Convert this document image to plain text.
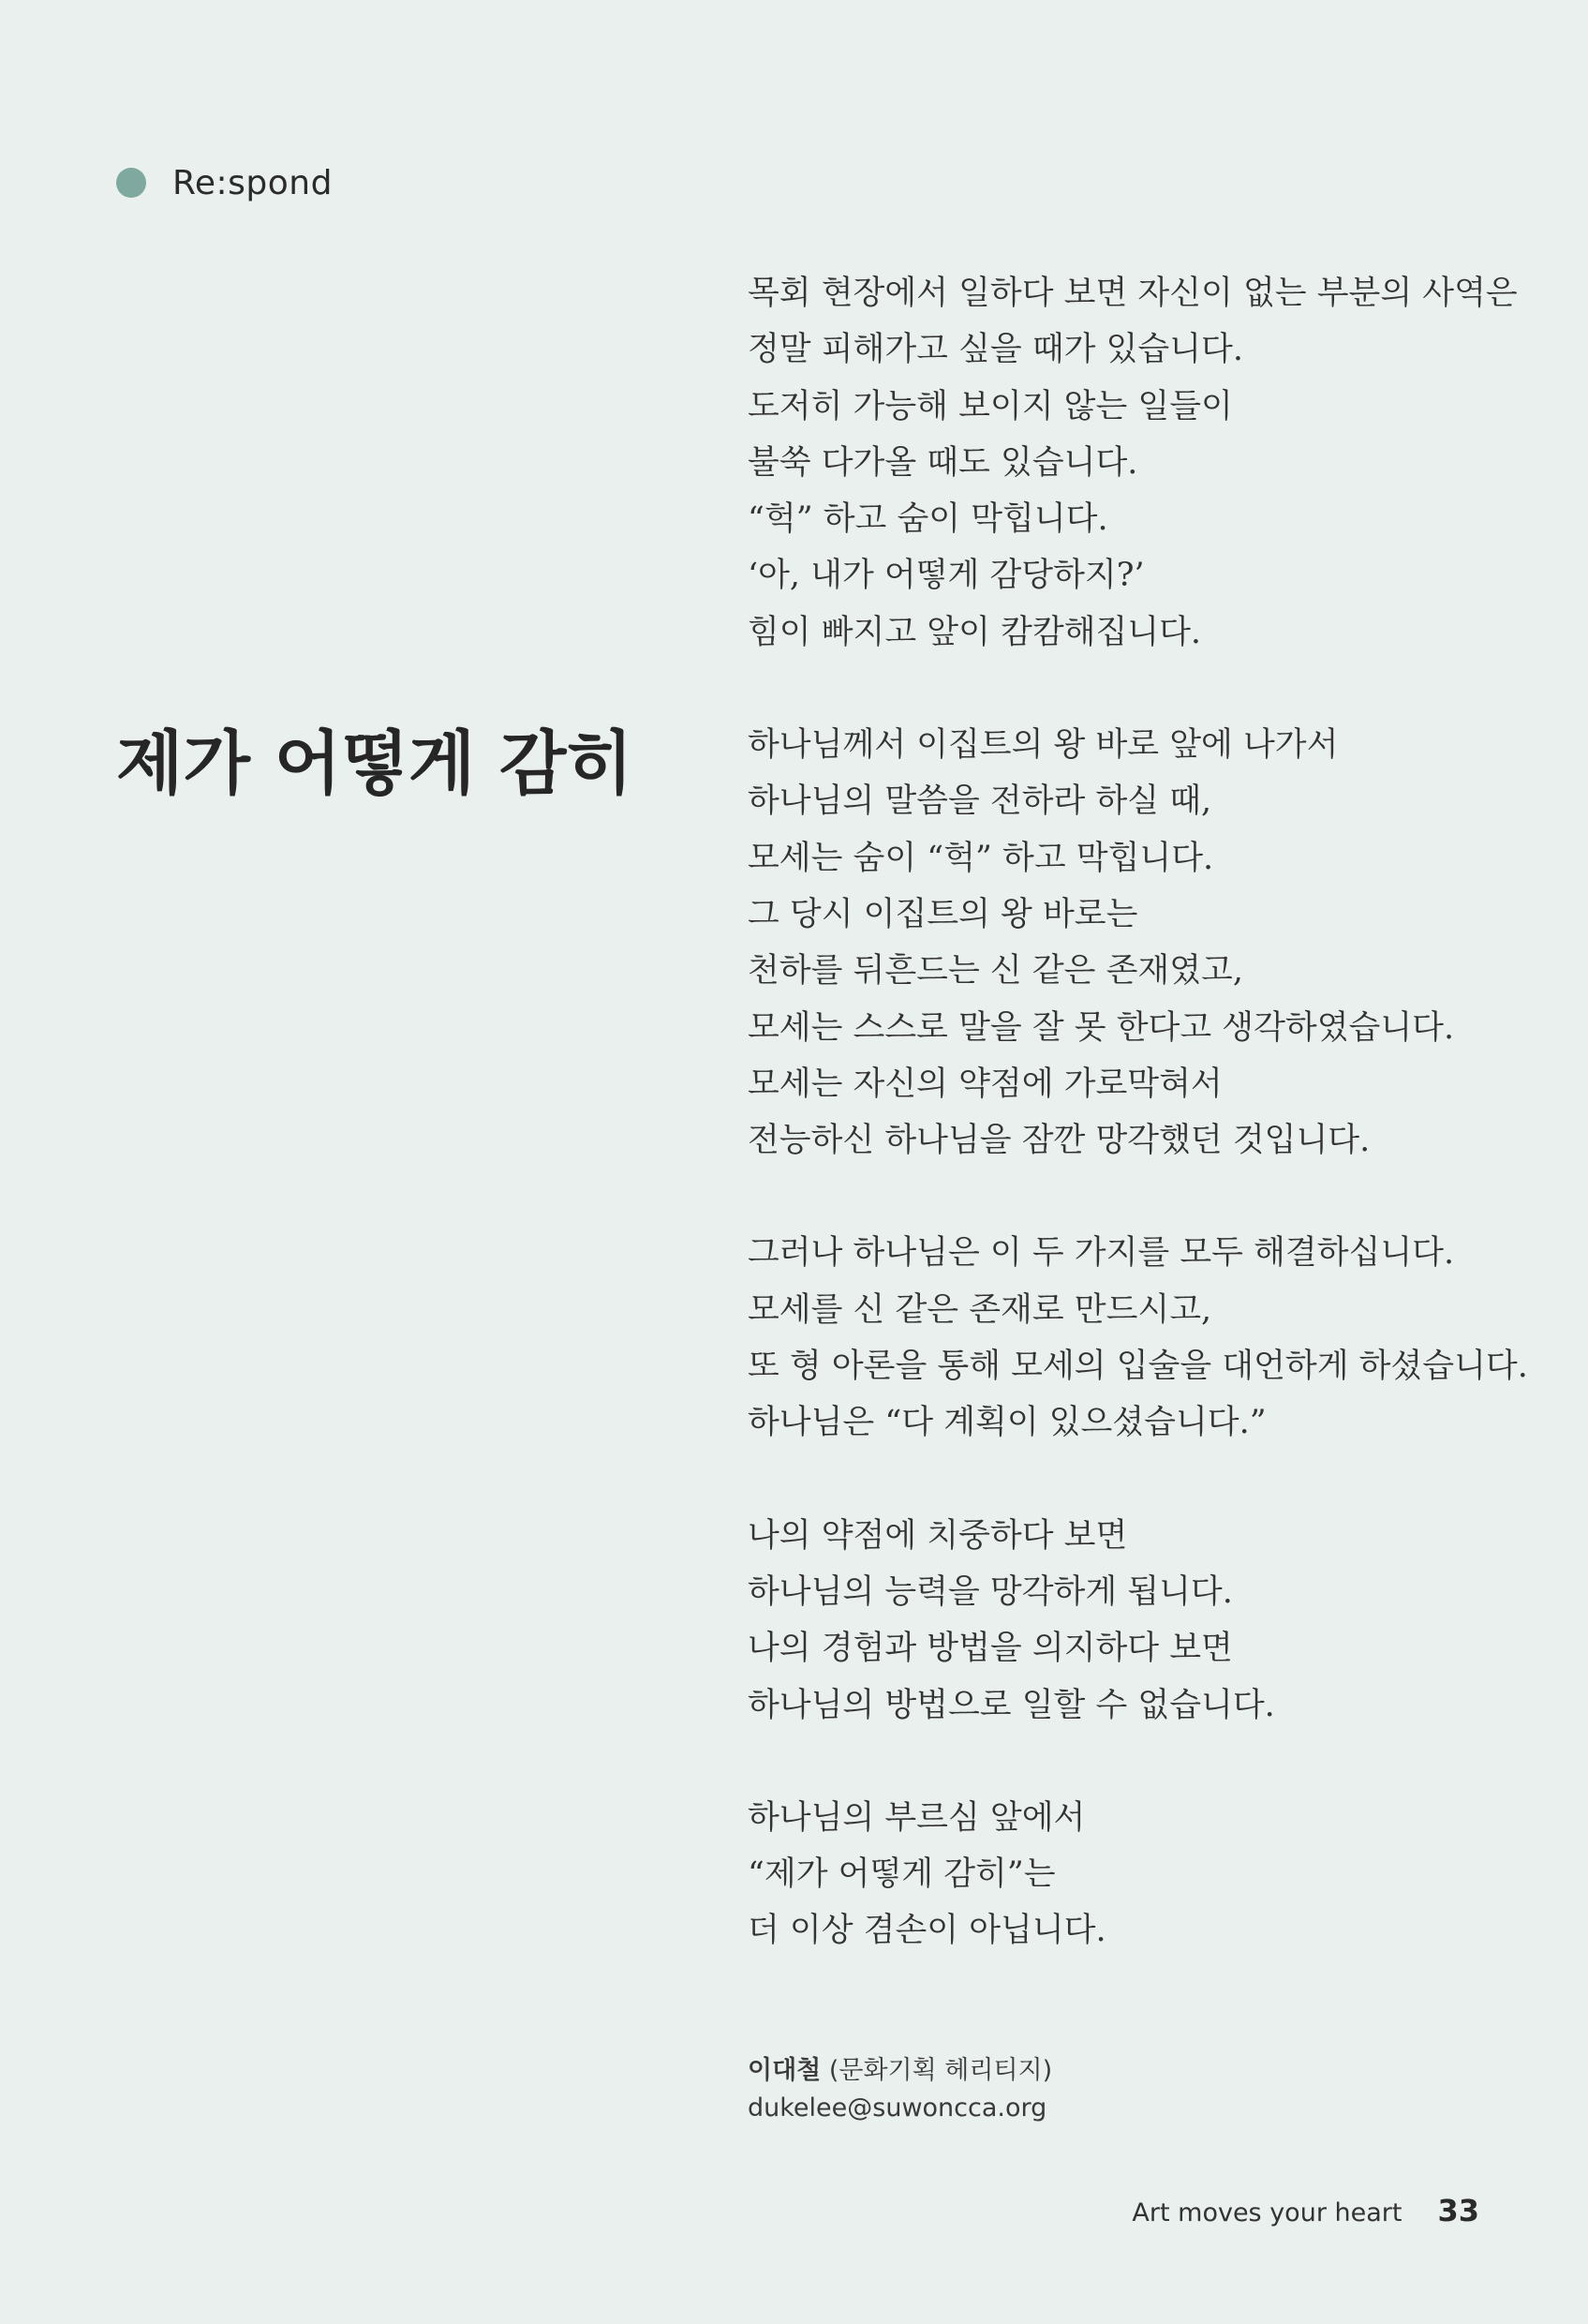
Re:spond
제가 어떻게 감히

목회 현장에서 일하다 보면 자신이 없는 부분의 사역은
정말 피해가고 싶을 때가 있습니다.
도저히 가능해 보이지 않는 일들이
불쑥 다가올 때도 있습니다.
“헉” 하고 숨이 막힙니다.
‘아, 내가 어떻게 감당하지?’
힘이 빠지고 앞이 캄캄해집니다.

하나님께서 이집트의 왕 바로 앞에 나가서
하나님의 말씀을 전하라 하실 때,
모세는 숨이 “헉” 하고 막힙니다.
그 당시 이집트의 왕 바로는
천하를 뒤흔드는 신 같은 존재였고,
모세는 스스로 말을 잘 못 한다고 생각하였습니다.
모세는 자신의 약점에 가로막혀서
전능하신 하나님을 잠깐 망각했던 것입니다.

그러나 하나님은 이 두 가지를 모두 해결하십니다.
모세를 신 같은 존재로 만드시고,
또 형 아론을 통해 모세의 입술을 대언하게 하셨습니다.
하나님은 “다 계획이 있으셨습니다.”

나의 약점에 치중하다 보면
하나님의 능력을 망각하게 됩니다.
나의 경험과 방법을 의지하다 보면
하나님의 방법으로 일할 수 없습니다.

하나님의 부르심 앞에서
“제가 어떻게 감히”는
더 이상 겸손이 아닙니다.

이대철 (문화기획 헤리티지)
dukelee@suwoncca.org
Art moves your heart 33
